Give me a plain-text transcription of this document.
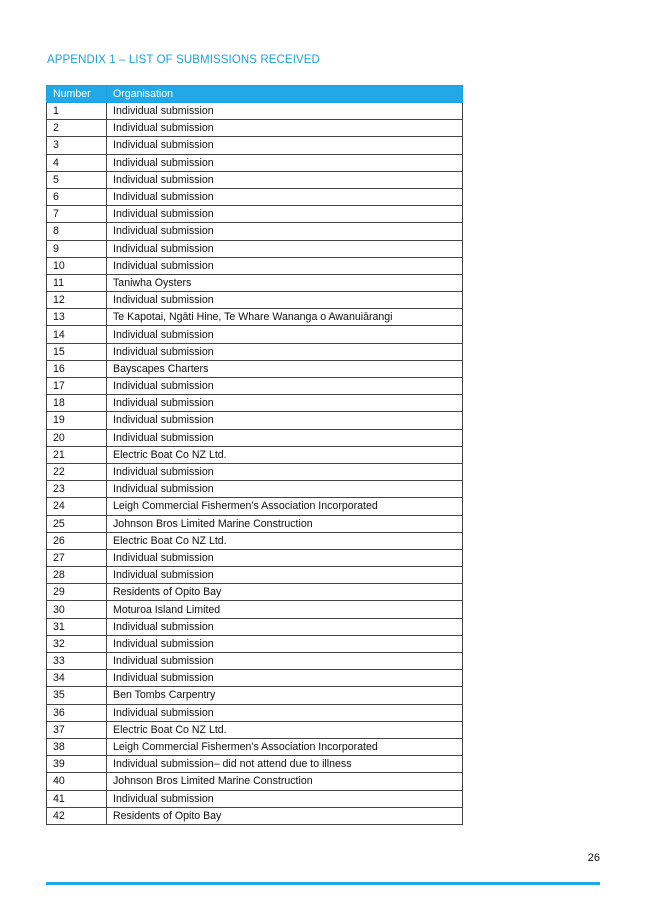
APPENDIX 1 – LIST OF SUBMISSIONS RECEIVED
Number	Organisation
1	Individual submission
2	Individual submission
3	Individual submission
4	Individual submission
5	Individual submission
6	Individual submission
7	Individual submission
8	Individual submission
9	Individual submission
10	Individual submission
11	Taniwha Oysters
12	Individual submission
13	Te Kapotai, Ngāti Hine, Te Whare Wananga o Awanuiārangi
14	Individual submission
15	Individual submission
16	Bayscapes Charters
17	Individual submission
18	Individual submission
19	Individual submission
20	Individual submission
21	Electric Boat Co NZ Ltd.
22	Individual submission
23	Individual submission
24	Leigh Commercial Fishermen’s Association Incorporated
25	Johnson Bros Limited Marine Construction
26	Electric Boat Co NZ Ltd.
27	Individual submission
28	Individual submission
29	Residents of Opito Bay
30	Moturoa Island Limited
31	Individual submission
32	Individual submission
33	Individual submission
34	Individual submission
35	Ben Tombs Carpentry
36	Individual submission
37	Electric Boat Co NZ Ltd.
38	Leigh Commercial Fishermen’s Association Incorporated
39	Individual submission– did not attend due to illness
40	Johnson Bros Limited Marine Construction
41	Individual submission
42	Residents of Opito Bay
26
